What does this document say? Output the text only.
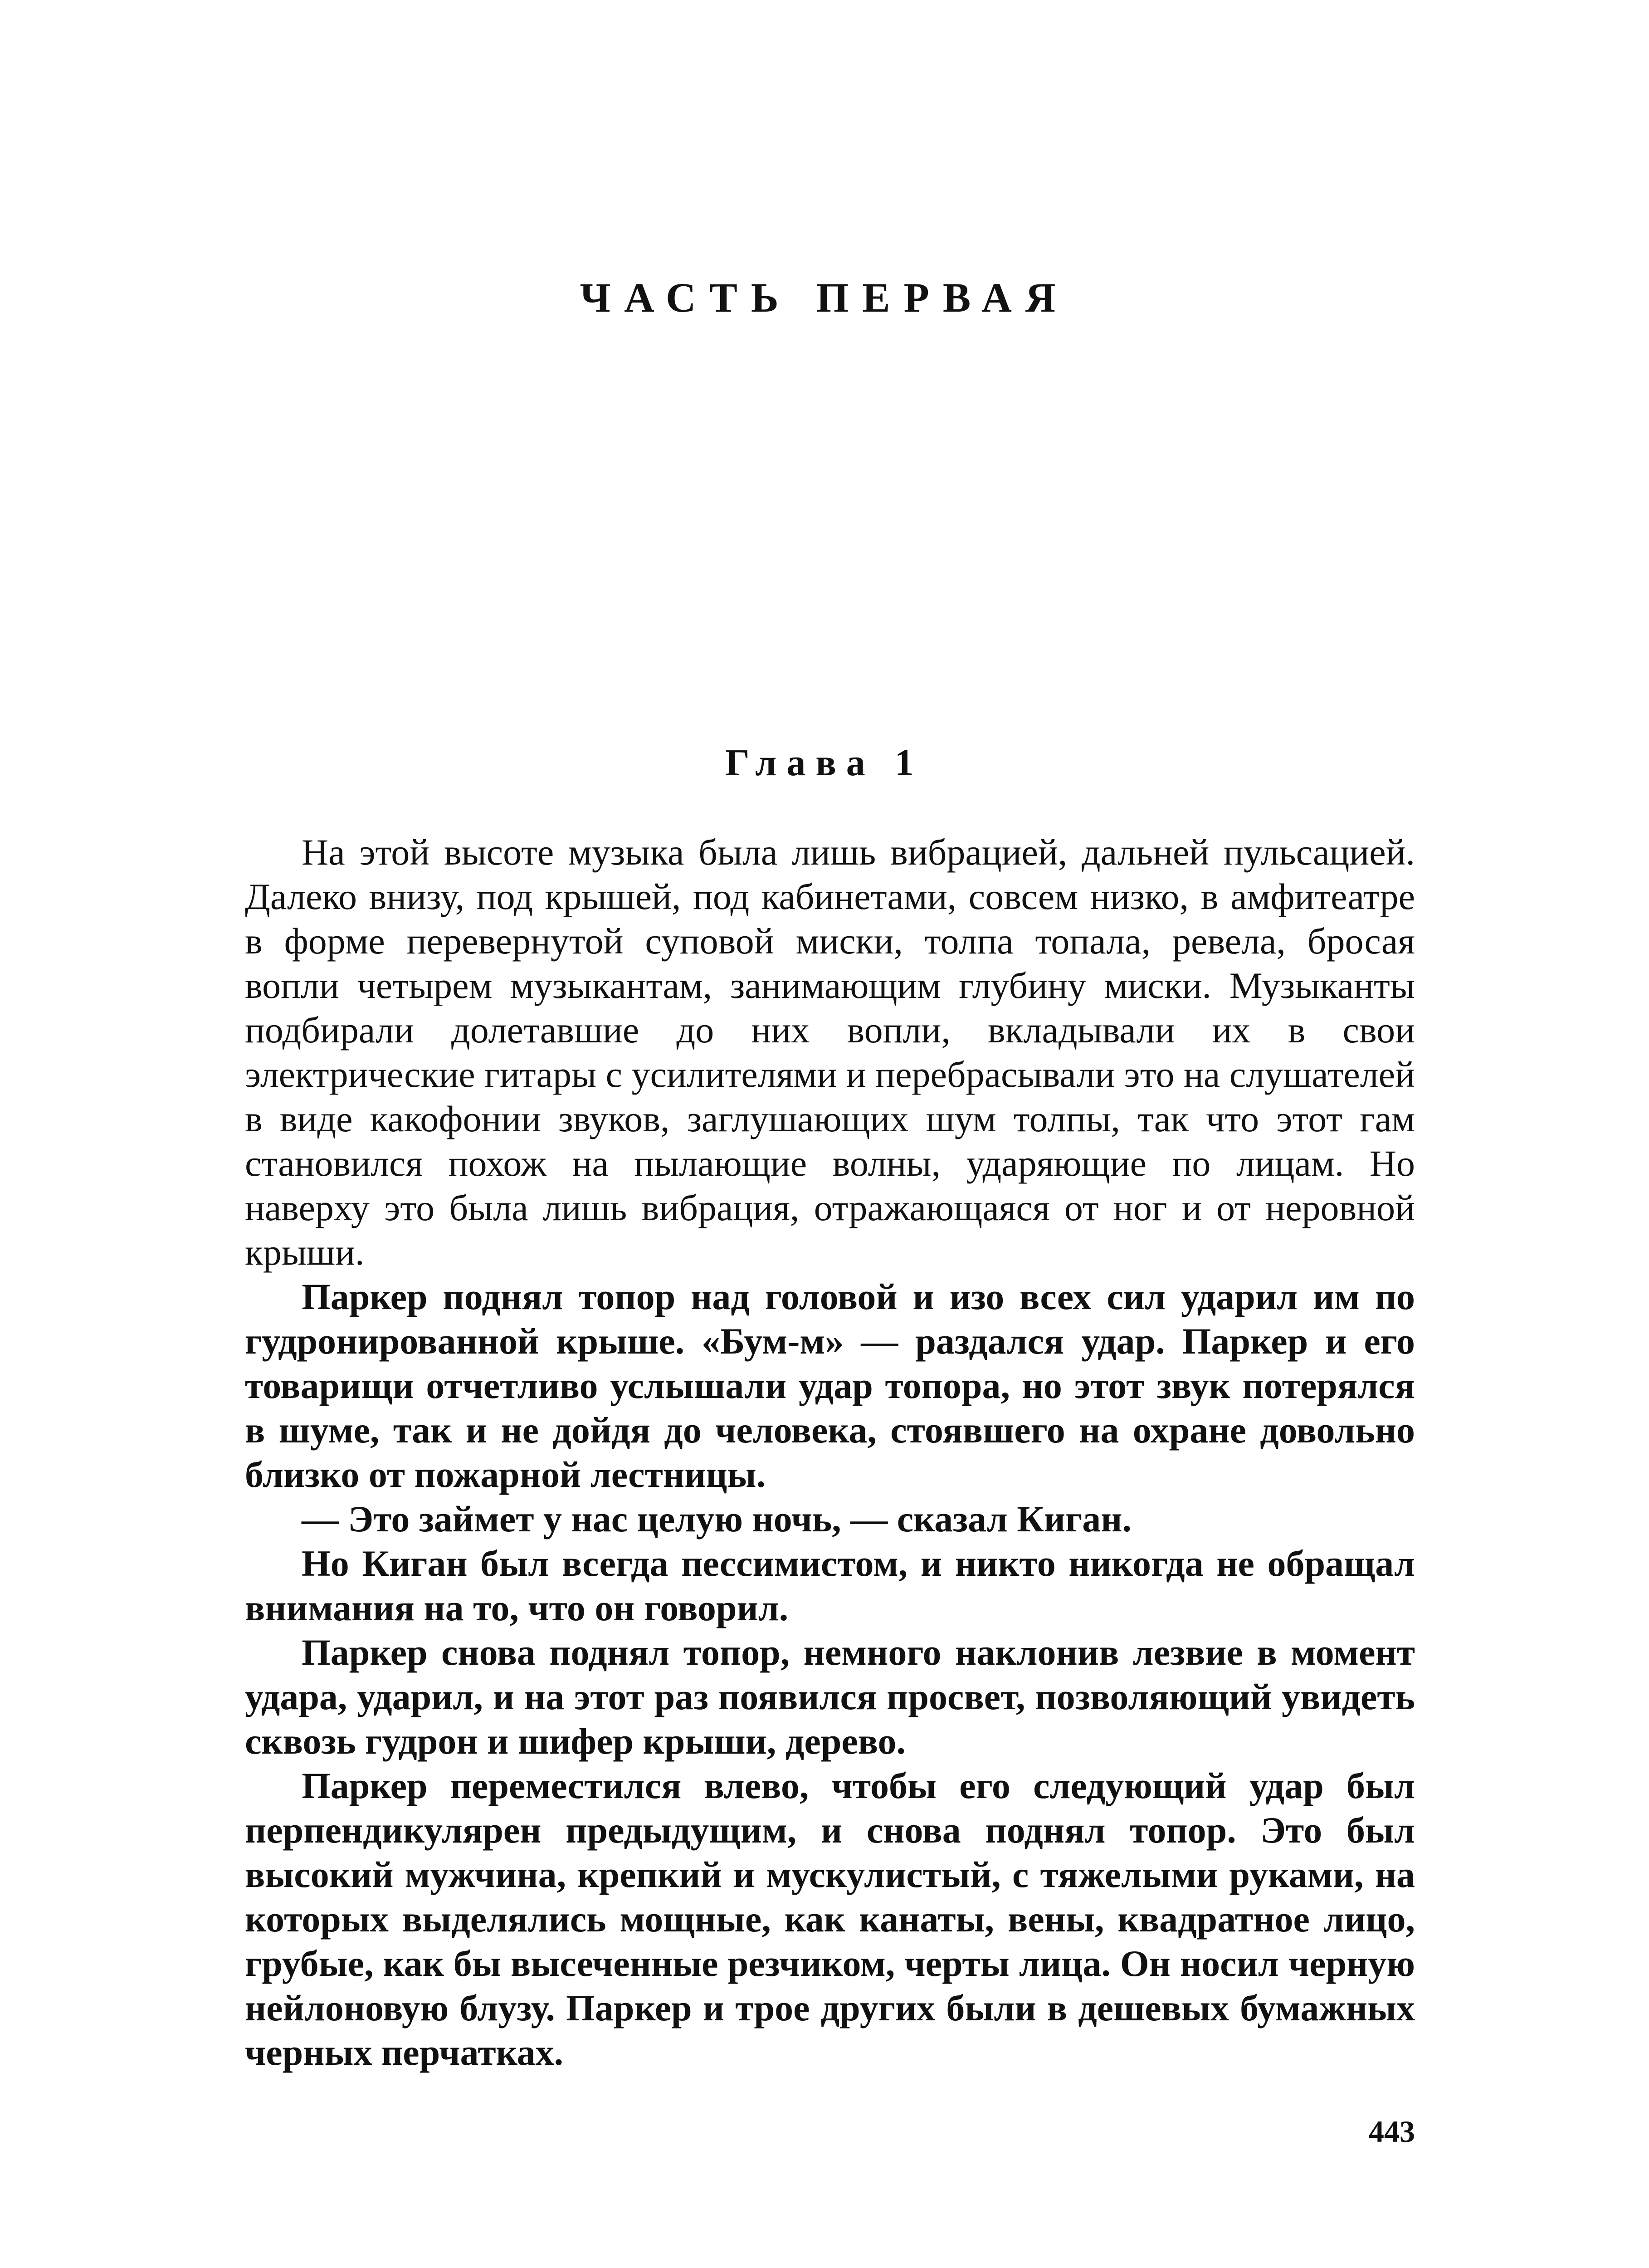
ЧАСТЬ ПЕРВАЯ
Глава 1

На этой высоте музыка была лишь вибрацией, дальней пульсацией. Далеко внизу, под крышей, под кабинетами, совсем низко, в амфитеатре в форме перевернутой суповой миски, толпа топала, ревела, бросая вопли четырем музыкантам, занимающим глубину миски. Музыканты подбирали долетавшие до них вопли, вкладывали их в свои электрические гитары с усилителями и перебрасывали это на слушателей в виде какофонии звуков, заглушающих шум толпы, так что этот гам становился похож на пылающие волны, ударяющие по лицам. Но наверху это была лишь вибрация, отражающаяся от ног и от неровной крыши.

Паркер поднял топор над головой и изо всех сил ударил им по гудронированной крыше. «Бум-м» — раздался удар. Паркер и его товарищи отчетливо услышали удар топора, но этот звук потерялся в шуме, так и не дойдя до человека, стоявшего на охране довольно близко от пожарной лестницы.

— Это займет у нас целую ночь, — сказал Киган.

Но Киган был всегда пессимистом, и никто никогда не обращал внимания на то, что он говорил.

Паркер снова поднял топор, немного наклонив лезвие в момент удара, ударил, и на этот раз появился просвет, позволяющий увидеть сквозь гудрон и шифер крыши, дерево.

Паркер переместился влево, чтобы его следующий удар был перпендикулярен предыдущим, и снова поднял топор. Это был высокий мужчина, крепкий и мускулистый, с тяжелыми руками, на которых выделялись мощные, как канаты, вены, квадратное лицо, грубые, как бы высеченные резчиком, черты лица. Он носил черную нейлоновую блузу. Паркер и трое других были в дешевых бумажных черных перчатках.

443
